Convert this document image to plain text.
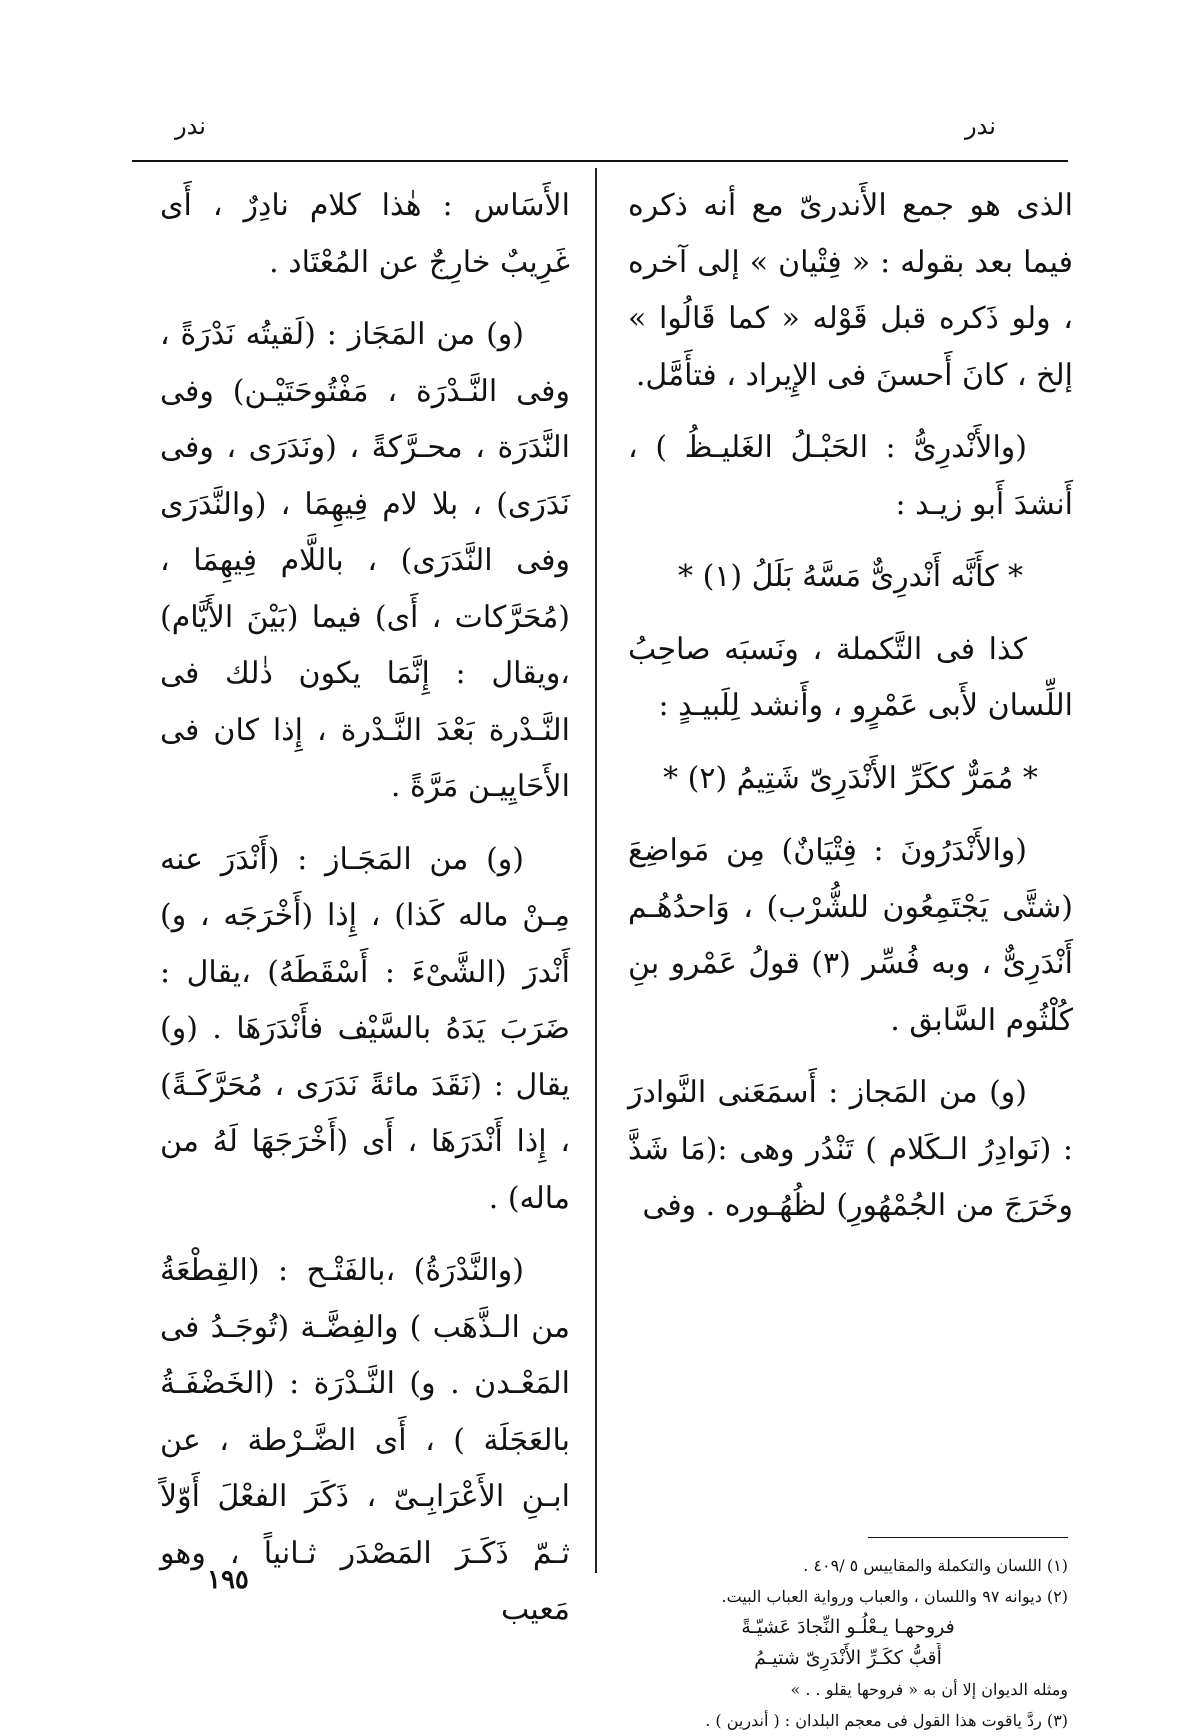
ندر
ندر

الذى هو جمع الأَندرىّ مع أنه ذكره فيما بعد بقوله : « فِتْيان » إلى آخره ، ولو ذَكره قبل قَوْله « كما قَالُوا » إلخ ، كانَ أَحسنَ فى الإِيراد ، فتأَمَّل.

(والأَنْدرِىُّ : الحَبْـلُ الغَليـظُ ) ، أَنشدَ أَبو زيـد :

* كأَنَّه أَنْدرِىٌّ مَسَّهُ بَلَلُ (١) *

كذا فى التَّكملة ، ونَسبَه صاحِبُ اللِّسان لأَبى عَمْرٍو ، وأَنشد لِلَبيـدٍ :

* مُمَرٌّ ككَرِّ الأَنْدَرِىّ شَتِيمُ (٢) *

(والأَنْدَرُونَ : فِتْيَانٌ) مِن مَواضِعَ (شتَّى يَجْتَمِعُون للشُّرْب) ، وَاحدُهُـم أَنْدَرِىٌّ ، وبه فُسِّر (٣) قولُ عَمْرو بنِ كُلْثُوم السَّابق .

(و) من المَجاز : أَسمَعَنى النَّوادرَ : (نَوادِرُ الـكَلام ) تَنْدُر وهى :(مَا شَذَّ وخَرَجَ من الجُمْهُورِ) لظُهُـوره . وفى

الأَسَاس : هٰذا كلام نادِرٌ ، أَى غَرِيبٌ خارِجٌ عن المُعْتَاد .

(و) من المَجَاز : (لَقيتُه نَدْرَةً ، وفى النَّـدْرَة ، مَفْتُوحَتَيْـن) وفى النَّدَرَة ، محـرَّكةً ، (ونَدَرَى ، وفى نَدَرَى) ، بلا لام فِيهِمَا ، (والنَّدَرَى وفى النَّدَرَى) ، باللَّام فِيهِمَا ، (مُحَرَّكات ، أَى) فيما (بَيْنَ الأَيَّام) ،ويقال : إِنَّمَا يكون ذٰلك فى النَّـدْرة بَعْدَ النَّـدْرة ، إِذا كان فى الأَحَايِيـن مَرَّةً .

(و) من المَجَـاز : (أَنْدَرَ عنه مِـنْ ماله كَذا) ، إِذا (أَخْرَجَه ، و) أَنْدرَ (الشَّىْءَ : أَسْقَطَهُ) ،يقال : ضَرَبَ يَدَهُ بالسَّيْف فأَنْدَرَهَا . (و) يقال : (نَقَدَ مائةً نَدَرَى ، مُحَرَّكَـةً) ، إِذا أَنْدَرَهَا ، أَى (أَخْرَجَهَا لَهُ من ماله) .

(والنَّدْرَةُ) ،بالفَتْـح : (القِطْعَةُ من الـذَّهَب ) والفِضَّـة (تُوجَـدُ فى المَعْـدن . و) النَّـدْرَة : (الخَضْفَـةُ بالعَجَلَة ) ، أَى الضَّـرْطة ، عن ابـنِ الأَعْرَابِـىّ ، ذَكَرَ الفعْلَ أَوّلاً ثـمّ ذَكَـرَ المَصْدَر ثـانياً ، وهو مَعيب

(١) اللسان والتكملة والمقاييس ٥ /٤٠٩ .
(٢) ديوانه ٩٧ واللسان ، والعباب ورواية العباب البيت.
فروحهـا يـعْلُـو النِّجادَ عَشيّـةً
أَقبُّ ككَـرِّ الأَنْدَرِىّ شتيـمُ
ومثله الديوان إلا أن به « فروحها يقلو . . »
(٣) ردَّ ياقوت هذا القول فى معجم البلدان : ( أندرين ) .
١٩٥
